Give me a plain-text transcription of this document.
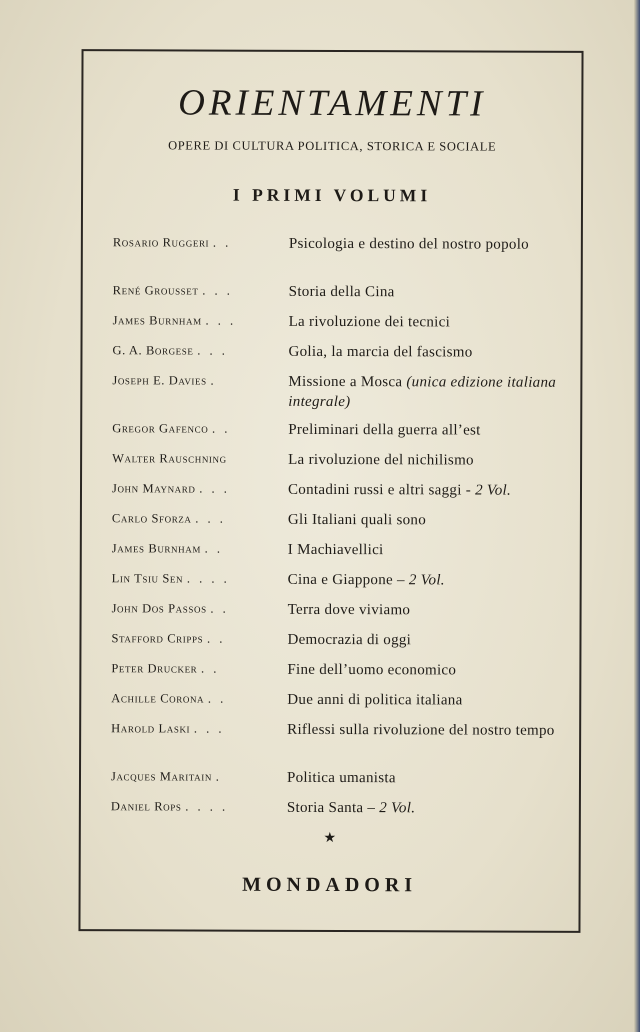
ORIENTAMENTI
OPERE DI CULTURA POLITICA, STORICA E SOCIALE
I PRIMI VOLUMI
Rosario Ruggeri . .	Psicologia e destino del nostro popolo
René Grousset . . .	Storia della Cina
James Burnham . . .	La rivoluzione dei tecnici
G. A. Borgese . . .	Golia, la marcia del fascismo
Joseph E. Davies .	Missione a Mosca (unica edizione italiana integrale)
Gregor Gafenco . .	Preliminari della guerra all’est
Walter Rauschning	La rivoluzione del nichilismo
John Maynard . . .	Contadini russi e altri saggi - 2 Vol.
Carlo Sforza . . .	Gli Italiani quali sono
James Burnham . .	I Machiavellici
Lin Tsiu Sen . . . .	Cina e Giappone – 2 Vol.
John Dos Passos . .	Terra dove viviamo
Stafford Cripps . .	Democrazia di oggi
Peter Drucker . .	Fine dell’uomo economico
Achille Corona . .	Due anni di politica italiana
Harold Laski . . .	Riflessi sulla rivoluzione del nostro tempo
Jacques Maritain .	Politica umanista
Daniel Rops . . . .	Storia Santa – 2 Vol.
★
MONDADORI
